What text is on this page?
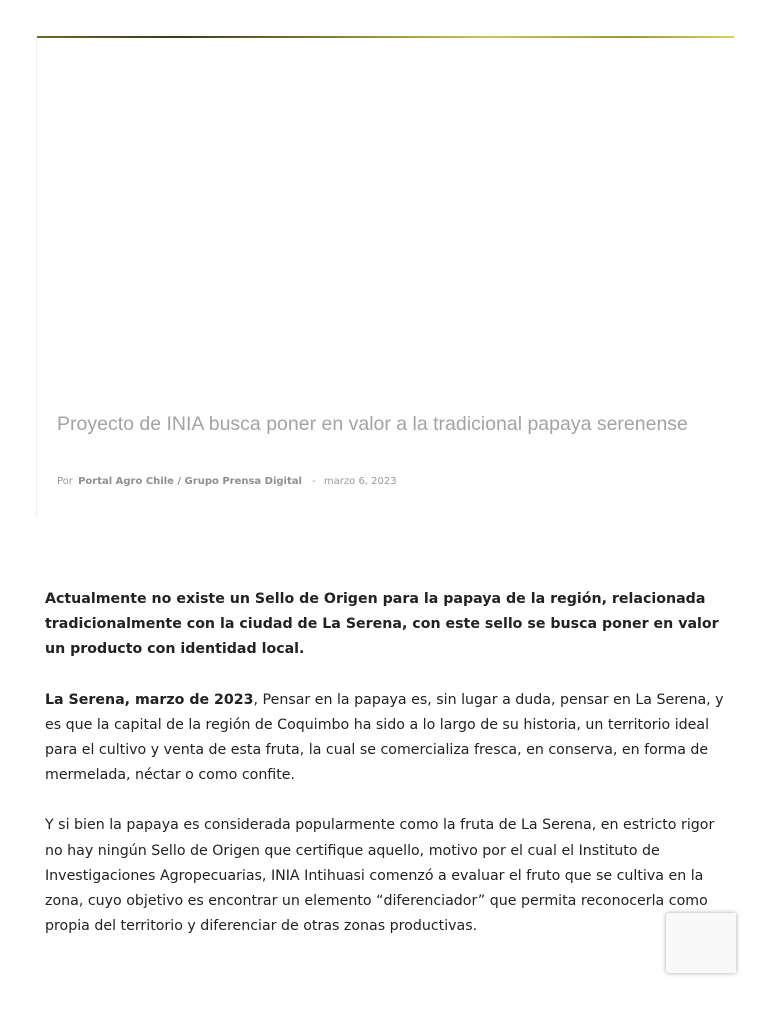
Proyecto de INIA busca poner en valor a la tradicional papaya serenense
Por Portal Agro Chile / Grupo Prensa Digital - marzo 6, 2023

Actualmente no existe un Sello de Origen para la papaya de la región, relacionada tradicionalmente con la ciudad de La Serena, con este sello se busca poner en valor un producto con identidad local.

La Serena, marzo de 2023, Pensar en la papaya es, sin lugar a duda, pensar en La Serena, y es que la capital de la región de Coquimbo ha sido a lo largo de su historia, un territorio ideal para el cultivo y venta de esta fruta, la cual se comercializa fresca, en conserva, en forma de mermelada, néctar o como confite.

Y si bien la papaya es considerada popularmente como la fruta de La Serena, en estricto rigor no hay ningún Sello de Origen que certifique aquello, motivo por el cual el Instituto de Investigaciones Agropecuarias, INIA Intihuasi comenzó a evaluar el fruto que se cultiva en la zona, cuyo objetivo es encontrar un elemento “diferenciador” que permita reconocerla como propia del territorio y diferenciar de otras zonas productivas.
